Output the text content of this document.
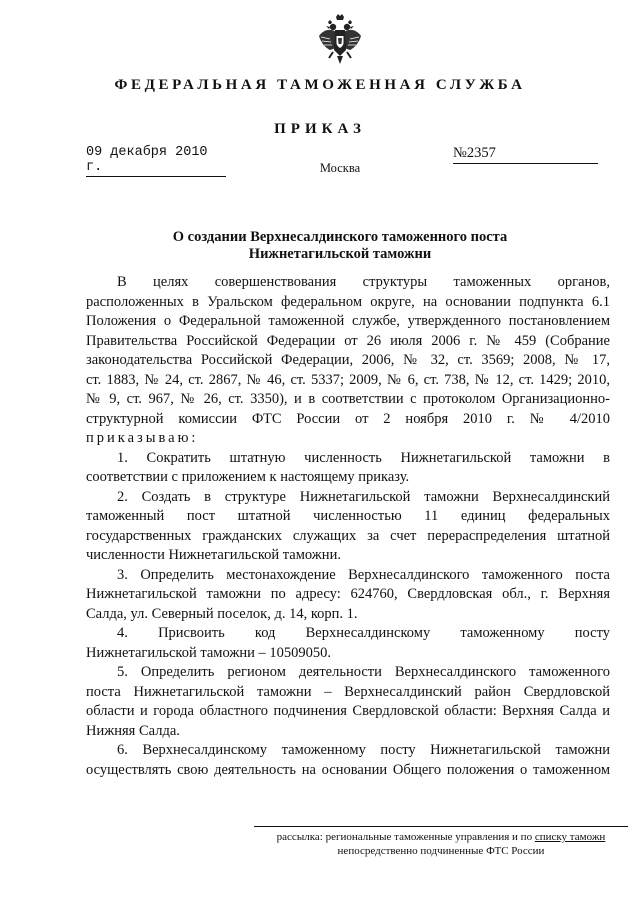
ФЕДЕРАЛЬНАЯ ТАМОЖЕННАЯ СЛУЖБА
ПРИКАЗ
09 декабря 2010 г.
№2357
Москва
О создании Верхнесалдинского таможенного поста
Нижнетагильской таможни
В целях совершенствования структуры таможенных органов,
расположенных в Уральском федеральном округе, на основании подпункта 6.1
Положения о Федеральной таможенной службе, утвержденного постановлением
Правительства Российской Федерации от 26 июля 2006 г. № 459 (Собрание
законодательства Российской Федерации, 2006, № 32, ст. 3569; 2008, № 17,
ст. 1883, № 24, ст. 2867, № 46, ст. 5337; 2009, № 6, ст. 738, № 12, ст. 1429; 2010,
№ 9, ст. 967, № 26, ст. 3350), и в соответствии с протоколом Организационно-
структурной комиссии ФТС России от 2 ноября 2010 г. № 4/2010
приказываю:
1. Сократить штатную численность Нижнетагильской таможни в
соответствии с приложением к настоящему приказу.
2. Создать в структуре Нижнетагильской таможни Верхнесалдинский
таможенный пост штатной численностью 11 единиц федеральных
государственных гражданских служащих за счет перераспределения штатной
численности Нижнетагильской таможни.
3. Определить местонахождение Верхнесалдинского таможенного поста
Нижнетагильской таможни по адресу: 624760, Свердловская обл., г. Верхняя
Салда, ул. Северный поселок, д. 14, корп. 1.
4. Присвоить код Верхнесалдинскому таможенному посту
Нижнетагильской таможни – 10509050.
5. Определить регионом деятельности Верхнесалдинского таможенного
поста Нижнетагильской таможни – Верхнесалдинский район Свердловской
области и города областного подчинения Свердловской области: Верхняя Салда и
Нижняя Салда.
6. Верхнесалдинскому таможенному посту Нижнетагильской таможни
осуществлять свою деятельность на основании Общего положения о таможенном
рассылка: региональные таможенные управления и по списку таможн
непосредственно подчиненные ФТС России
